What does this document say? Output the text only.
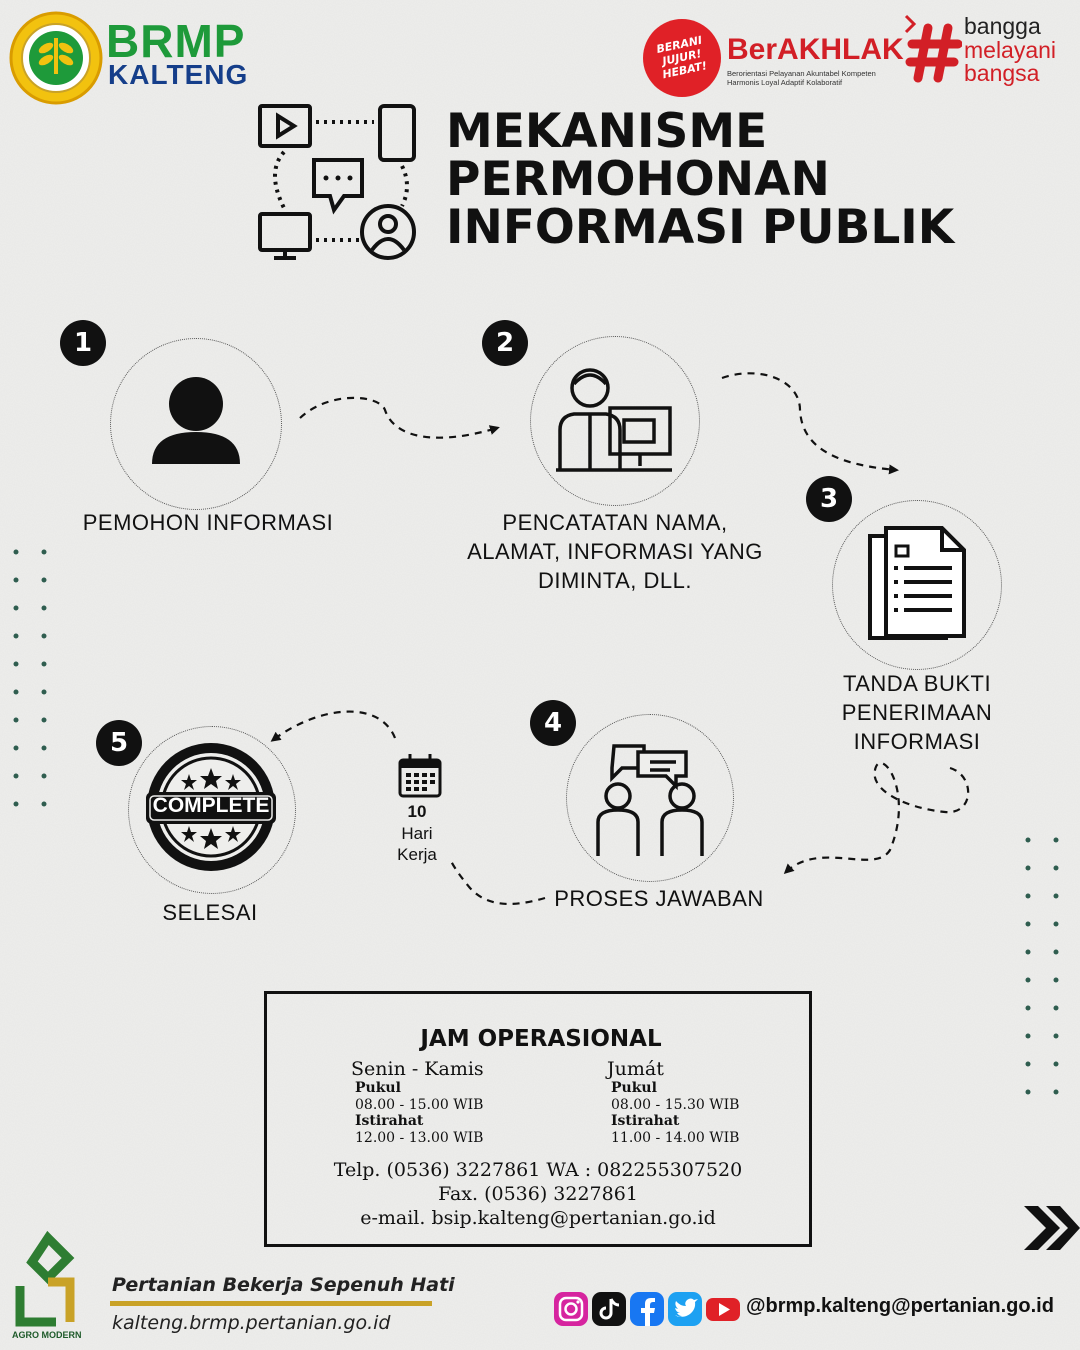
BRMP
KALTENG
BERANI JUJUR! HEBAT!
BerAKHLAK
Berorientasi Pelayanan Akuntabel Kompeten
Harmonis Loyal Adaptif Kolaboratif
bangga
melayani
bangsa
MEKANISME
PERMOHONAN
INFORMASI PUBLIK
1
PEMOHON INFORMASI
2
PENCATATAN NAMA,
ALAMAT, INFORMASI YANG
DIMINTA, DLL.
3
TANDA BUKTI
PENERIMAAN
INFORMASI
4
PROSES JAWABAN
5
COMPLETE
SELESAI
10
Hari
Kerja
JAM OPERASIONAL
Senin - Kamis
Pukul
08.00 - 15.00 WIB
Istirahat
12.00 - 13.00 WIB
Jumát
Pukul
08.00 - 15.30 WIB
Istirahat
11.00 - 14.00 WIB
Telp. (0536) 3227861 WA : 082255307520
Fax. (0536) 3227861
e-mail. bsip.kalteng@pertanian.go.id
AGRO MODERN
Pertanian Bekerja Sepenuh Hati
kalteng.brmp.pertanian.go.id
@brmp.kalteng@pertanian.go.id
